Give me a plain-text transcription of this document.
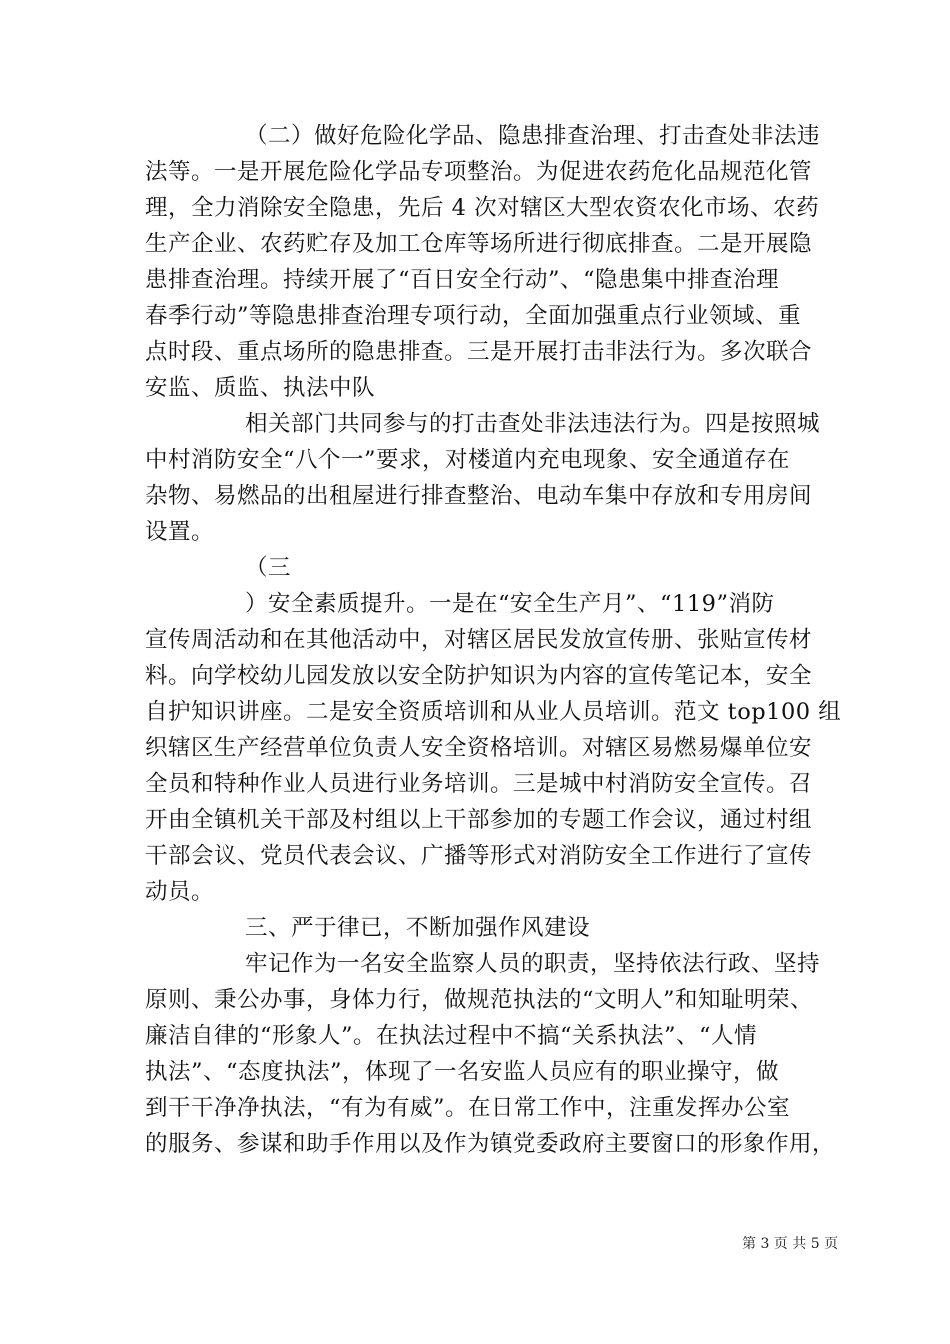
（二）做好危险化学品、隐患排查治理、打击查处非法违
法等。一是开展危险化学品专项整治。为促进农药危化品规范化管
理，全力消除安全隐患，先后 4 次对辖区大型农资农化市场、农药
生产企业、农药贮存及加工仓库等场所进行彻底排查。二是开展隐
患排查治理。持续开展了“百日安全行动”、“隐患集中排查治理
春季行动”等隐患排查治理专项行动，全面加强重点行业领域、重
点时段、重点场所的隐患排查。三是开展打击非法行为。多次联合
安监、质监、执法中队
相关部门共同参与的打击查处非法违法行为。四是按照城
中村消防安全“八个一”要求，对楼道内充电现象、安全通道存在
杂物、易燃品的出租屋进行排查整治、电动车集中存放和专用房间
设置。
（三
）安全素质提升。一是在“安全生产月”、“119”消防
宣传周活动和在其他活动中，对辖区居民发放宣传册、张贴宣传材
料。向学校幼儿园发放以安全防护知识为内容的宣传笔记本，安全
自护知识讲座。二是安全资质培训和从业人员培训。范文 top100 组
织辖区生产经营单位负责人安全资格培训。对辖区易燃易爆单位安
全员和特种作业人员进行业务培训。三是城中村消防安全宣传。召
开由全镇机关干部及村组以上干部参加的专题工作会议，通过村组
干部会议、党员代表会议、广播等形式对消防安全工作进行了宣传
动员。
三、严于律已，不断加强作风建设
牢记作为一名安全监察人员的职责，坚持依法行政、坚持
原则、秉公办事，身体力行，做规范执法的“文明人”和知耻明荣、
廉洁自律的“形象人”。在执法过程中不搞“关系执法”、“人情
执法”、“态度执法”，体现了一名安监人员应有的职业操守，做
到干干净净执法，“有为有威”。在日常工作中，注重发挥办公室
的服务、参谋和助手作用以及作为镇党委政府主要窗口的形象作用，
第 3 页 共 5 页
